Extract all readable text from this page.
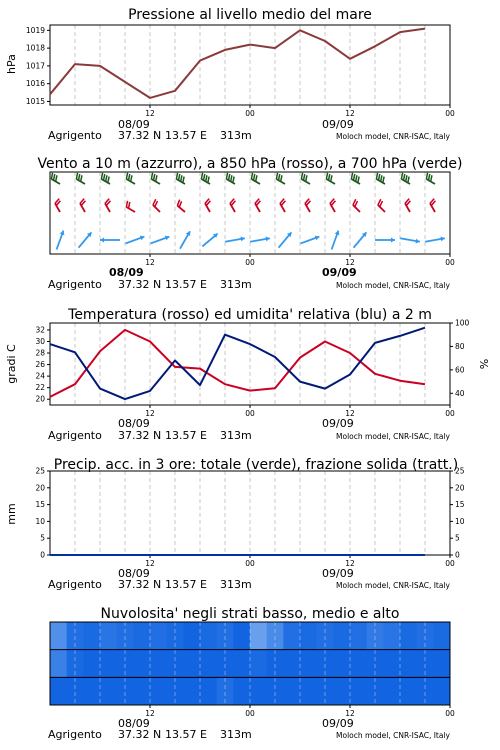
Pressione al livello medio del mare
hPa
12	00	12	00
1015
1016
1017
1018
1019
08/09	09/09
Agrigento 37.32 N 13.57 E 313m	Moloch model, CNR-ISAC, Italy
Vento a 10 m (azzurro), a 850 hPa (rosso), a 700 hPa (verde)
12	00	12	00
08/09	09/09
Agrigento 37.32 N 13.57 E 313m	Moloch model, CNR-ISAC, Italy
Temperatura (rosso) ed umidita' relativa (blu) a 2 m
gradi C	%
12	00	12	00
20
22
24
26
28
30
32
40
60
80
100
08/09	09/09
Agrigento 37.32 N 13.57 E 313m	Moloch model, CNR-ISAC, Italy
Precip. acc. in 3 ore: totale (verde), frazione solida (tratt.)
mm
12	00	12	00
0
5
10
15
20
25
0
5
10
15
20
25
08/09	09/09
Agrigento 37.32 N 13.57 E 313m	Moloch model, CNR-ISAC, Italy
Nuvolosita' negli strati basso, medio e alto
12	00	12	00
08/09	09/09
Agrigento 37.32 N 13.57 E 313m	Moloch model, CNR-ISAC, Italy
